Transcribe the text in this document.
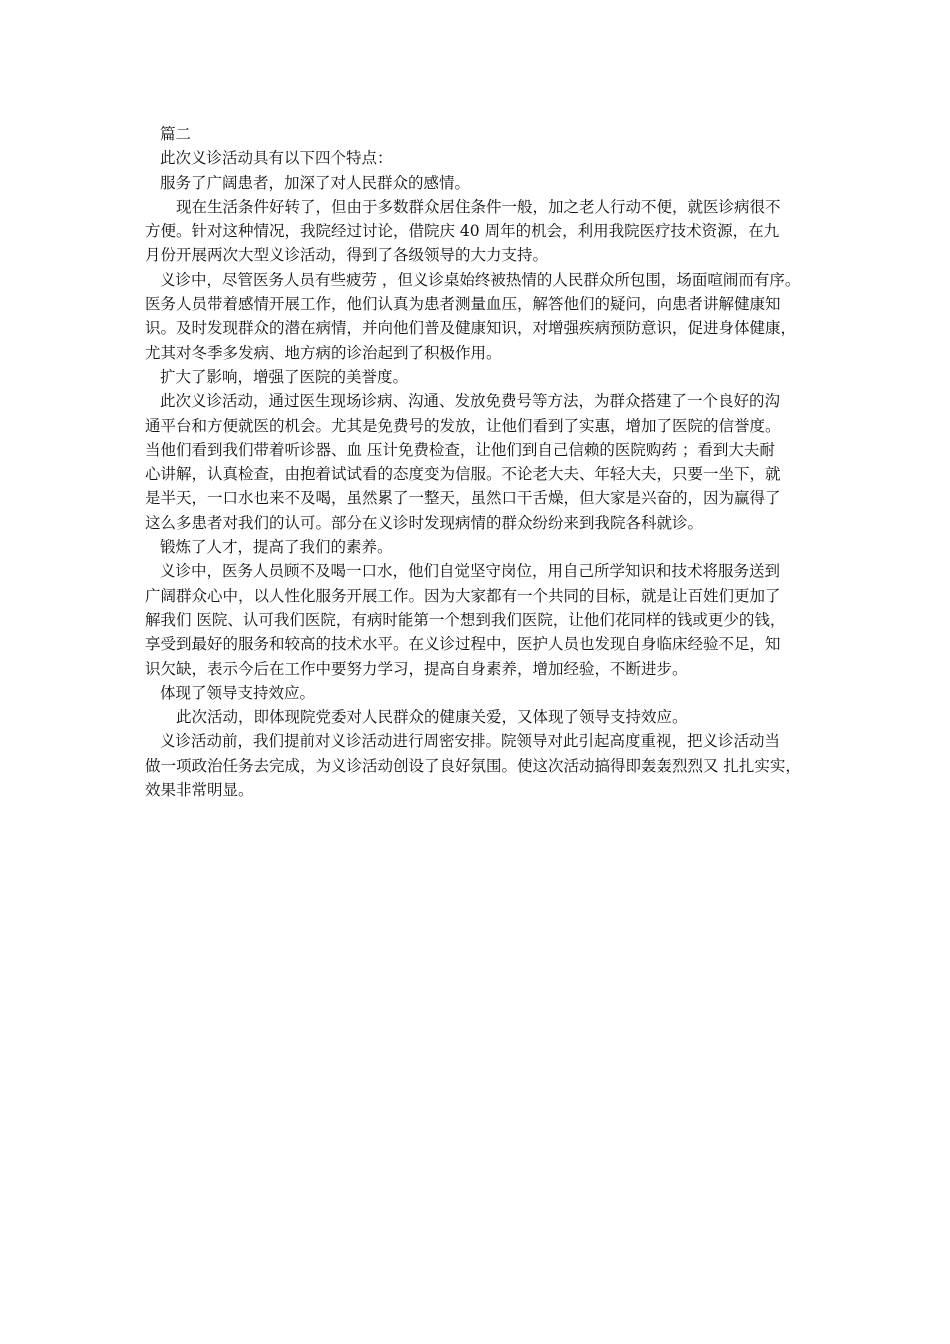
篇二
此次义诊活动具有以下四个特点：
服务了广阔患者，加深了对人民群众的感情。
现在生活条件好转了，但由于多数群众居住条件一般，加之老人行动不便，就医诊病很不
方便。针对这种情况，我院经过讨论，借院庆 40 周年的机会，利用我院医疗技术资源，在九
月份开展两次大型义诊活动，得到了各级领导的大力支持。
义诊中，尽管医务人员有些疲劳 ，但义诊桌始终被热情的人民群众所包围，场面喧闹而有序。
医务人员带着感情开展工作，他们认真为患者测量血压，解答他们的疑问，向患者讲解健康知
识。及时发现群众的潜在病情，并向他们普及健康知识，对增强疾病预防意识，促进身体健康，
尤其对冬季多发病、地方病的诊治起到了积极作用。
扩大了影响，增强了医院的美誉度。
此次义诊活动，通过医生现场诊病、沟通、发放免费号等方法，为群众搭建了一个良好的沟
通平台和方便就医的机会。尤其是免费号的发放，让他们看到了实惠，增加了医院的信誉度。
当他们看到我们带着听诊器、血 压计免费检查，让他们到自己信赖的医院购药 ；看到大夫耐
心讲解，认真检查，由抱着试试看的态度变为信服。不论老大夫、年轻大夫，只要一坐下，就
是半天，一口水也来不及喝，虽然累了一整天，虽然口干舌燥，但大家是兴奋的，因为赢得了
这么多患者对我们的认可。部分在义诊时发现病情的群众纷纷来到我院各科就诊。
锻炼了人才，提高了我们的素养。
义诊中，医务人员顾不及喝一口水，他们自觉坚守岗位，用自己所学知识和技术将服务送到
广阔群众心中，以人性化服务开展工作。因为大家都有一个共同的目标，就是让百姓们更加了
解我们 医院、认可我们医院，有病时能第一个想到我们医院，让他们花同样的钱或更少的钱，
享受到最好的服务和较高的技术水平。在义诊过程中，医护人员也发现自身临床经验不足，知
识欠缺，表示今后在工作中要努力学习，提高自身素养，增加经验，不断进步。
体现了领导支持效应。
此次活动，即体现院党委对人民群众的健康关爱，又体现了领导支持效应。
义诊活动前，我们提前对义诊活动进行周密安排。院领导对此引起高度重视，把义诊活动当
做一项政治任务去完成，为义诊活动创设了良好氛围。使这次活动搞得即轰轰烈烈又 扎扎实实，
效果非常明显。
